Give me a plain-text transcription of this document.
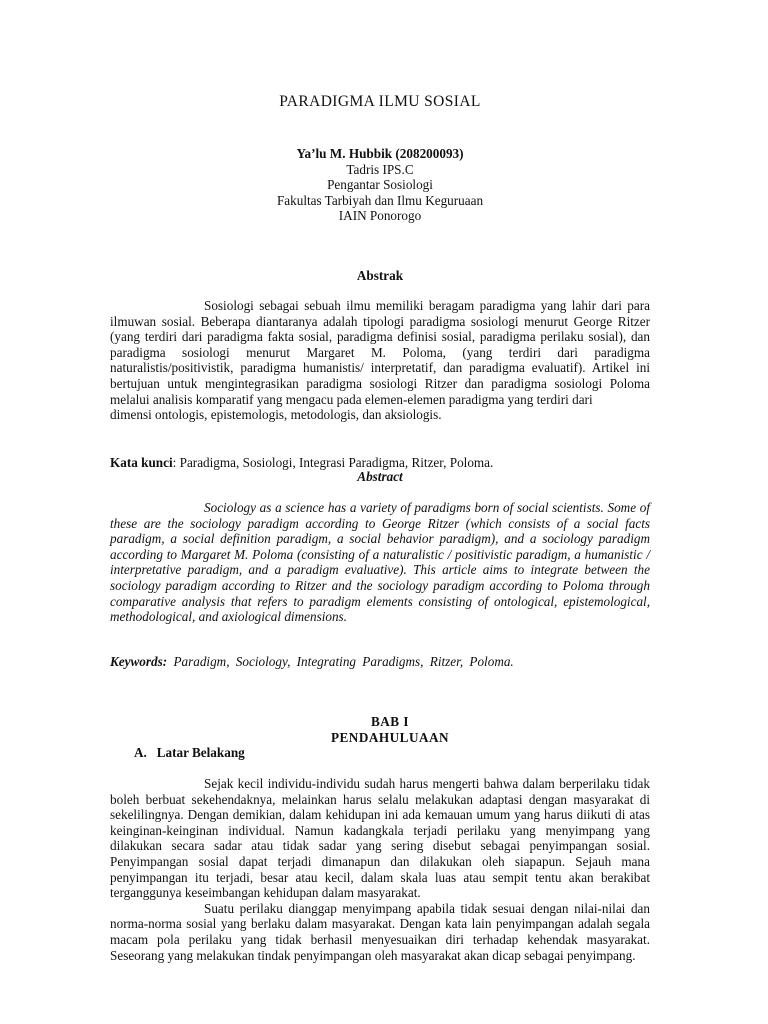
PARADIGMA ILMU SOSIAL
Ya’lu M. Hubbik (208200093)
Tadris IPS.C
Pengantar Sosiologi
Fakultas Tarbiyah dan Ilmu Keguruaan
IAIN Ponorogo
Abstrak

Sosiologi sebagai sebuah ilmu memiliki beragam paradigma yang lahir dari para ilmuwan sosial. Beberapa diantaranya adalah tipologi paradigma sosiologi menurut George Ritzer (yang terdiri dari paradigma fakta sosial, paradigma definisi sosial, paradigma perilaku sosial), dan paradigma sosiologi menurut Margaret M. Poloma, (yang terdiri dari paradigma naturalistis/positivistik, paradigma humanistis/ interpretatif, dan paradigma evaluatif). Artikel ini bertujuan untuk mengintegrasikan paradigma sosiologi Ritzer dan paradigma sosiologi Poloma melalui analisis komparatif yang mengacu pada elemen-elemen paradigma yang terdiri dari

dimensi ontologis, epistemologis, metodologis, dan aksiologis.

Kata kunci: Paradigma, Sosiologi, Integrasi Paradigma, Ritzer, Poloma.
Abstract

Sociology as a science has a variety of paradigms born of social scientists. Some of these are the sociology paradigm according to George Ritzer (which consists of a social facts paradigm, a social definition paradigm, a social behavior paradigm), and a sociology paradigm according to Margaret M. Poloma (consisting of a naturalistic / positivistic paradigm, a humanistic / interpretative paradigm, and a paradigm evaluative). This article aims to integrate between the sociology paradigm according to Ritzer and the sociology paradigm according to Poloma through comparative analysis that refers to paradigm elements consisting of ontological, epistemological, methodological, and axiological dimensions.

Keywords: Paradigm, Sociology, Integrating Paradigms, Ritzer, Poloma.
BAB I
PENDAHULUAAN
A.   Latar Belakang

Sejak kecil individu-individu sudah harus mengerti bahwa dalam berperilaku tidak boleh berbuat sekehendaknya, melainkan harus selalu melakukan adaptasi dengan masyarakat di sekelilingnya. Dengan demikian, dalam kehidupan ini ada kemauan umum yang harus diikuti di atas keinginan-keinginan individual. Namun kadangkala terjadi perilaku yang menyimpang yang dilakukan secara sadar atau tidak sadar yang sering disebut sebagai penyimpangan sosial. Penyimpangan sosial dapat terjadi dimanapun dan dilakukan oleh siapapun. Sejauh mana penyimpangan itu terjadi, besar atau kecil, dalam skala luas atau sempit tentu akan berakibat terganggunya keseimbangan kehidupan dalam masyarakat.

Suatu perilaku dianggap menyimpang apabila tidak sesuai dengan nilai-nilai dan norma-norma sosial yang berlaku dalam masyarakat. Dengan kata lain penyimpangan adalah segala macam pola perilaku yang tidak berhasil menyesuaikan diri terhadap kehendak masyarakat. Seseorang yang melakukan tindak penyimpangan oleh masyarakat akan dicap sebagai penyimpang.
